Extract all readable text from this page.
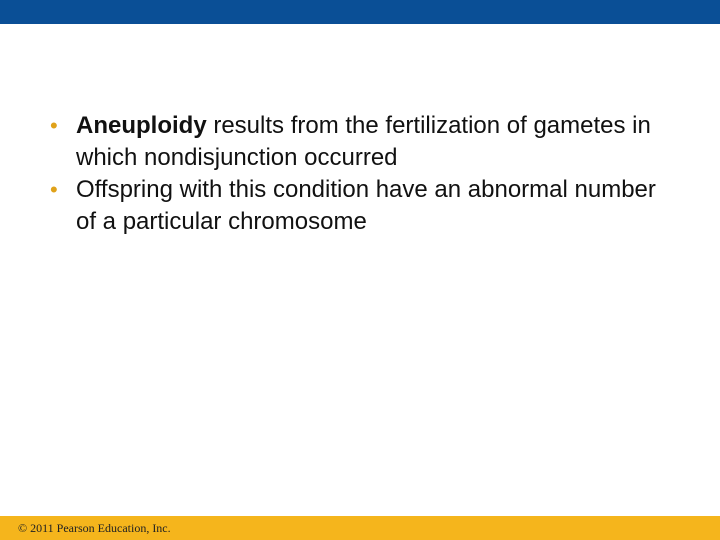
• Aneuploidy results from the fertilization of gametes in which nondisjunction occurred
• Offspring with this condition have an abnormal number of a particular chromosome
© 2011 Pearson Education, Inc.
